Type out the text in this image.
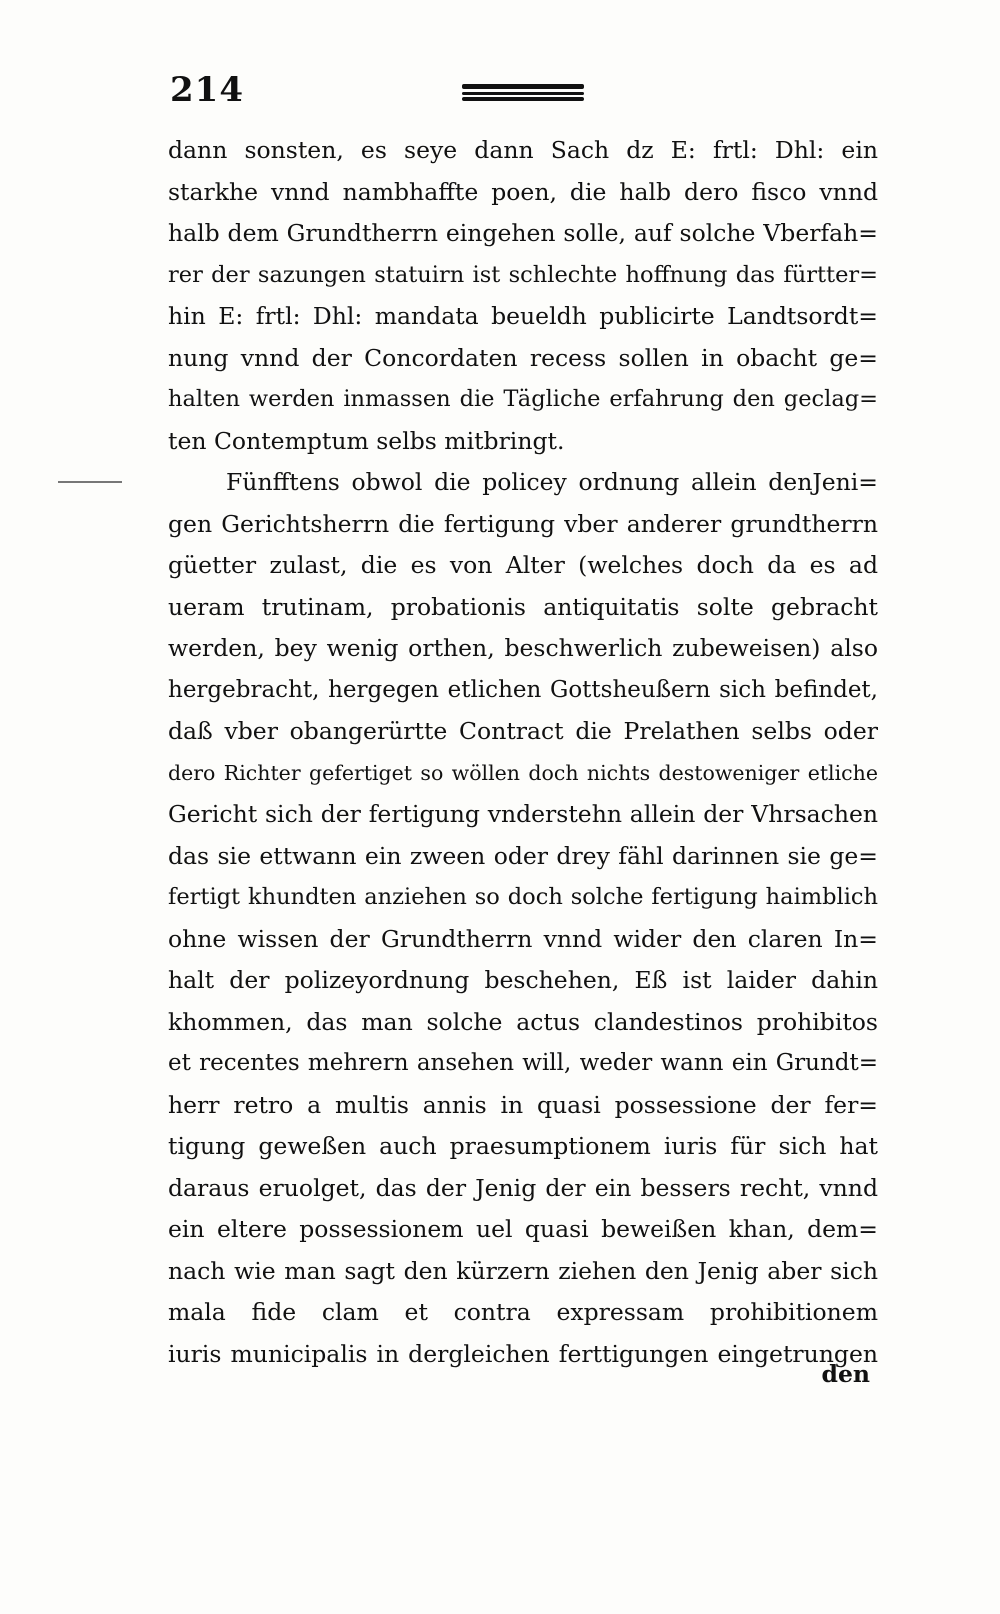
214
dann sonsten, es seye dann Sach dz E: frtl: Dhl: ein
starkhe vnnd nambhaffte poen, die halb dero fisco vnnd
halb dem Grundtherrn eingehen solle, auf solche Vberfah=
rer der sazungen statuirn ist schlechte hoffnung das fürtter=
hin E: frtl: Dhl: mandata beueldh publicirte Landtsordt=
nung vnnd der Concordaten recess sollen in obacht ge=
halten werden inmassen die Tägliche erfahrung den geclag=
ten Contemptum selbs mitbringt.
Fünfftens obwol die policey ordnung allein denJeni=
gen Gerichtsherrn die fertigung vber anderer grundtherrn
güetter zulast, die es von Alter (welches doch da es ad
ueram trutinam, probationis antiquitatis solte gebracht
werden, bey wenig orthen, beschwerlich zubeweisen) also
hergebracht, hergegen etlichen Gottsheußern sich befindet,
daß vber obangerürtte Contract die Prelathen selbs oder
dero Richter gefertiget so wöllen doch nichts destoweniger etliche
Gericht sich der fertigung vnderstehn allein der Vhrsachen
das sie ettwann ein zween oder drey fähl darinnen sie ge=
fertigt khundten anziehen so doch solche fertigung haimblich
ohne wissen der Grundtherrn vnnd wider den claren In=
halt der polizeyordnung beschehen, Eß ist laider dahin
khommen, das man solche actus clandestinos prohibitos
et recentes mehrern ansehen will, weder wann ein Grundt=
herr retro a multis annis in quasi possessione der fer=
tigung geweßen auch praesumptionem iuris für sich hat
daraus eruolget, das der Jenig der ein bessers recht, vnnd
ein eltere possessionem uel quasi beweißen khan, dem=
nach wie man sagt den kürzern ziehen den Jenig aber sich
mala fide clam et contra expressam prohibitionem
iuris municipalis in dergleichen ferttigungen eingetrungen
den
